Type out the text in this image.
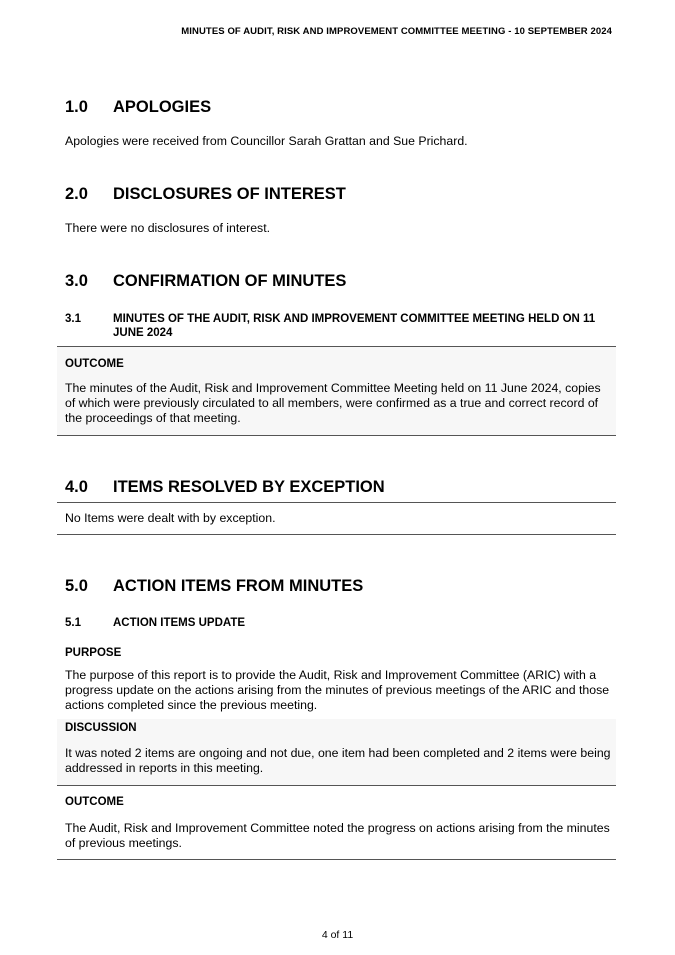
MINUTES OF AUDIT, RISK AND IMPROVEMENT COMMITTEE MEETING - 10 SEPTEMBER 2024
1.0 APOLOGIES
Apologies were received from Councillor Sarah Grattan and Sue Prichard.
2.0 DISCLOSURES OF INTEREST
There were no disclosures of interest.
3.0 CONFIRMATION OF MINUTES
3.1	MINUTES OF THE AUDIT, RISK AND IMPROVEMENT COMMITTEE MEETING HELD ON 11 JUNE 2024
OUTCOME
The minutes of the Audit, Risk and Improvement Committee Meeting held on 11 June 2024, copies of which were previously circulated to all members, were confirmed as a true and correct record of the proceedings of that meeting.
4.0 ITEMS RESOLVED BY EXCEPTION
No Items were dealt with by exception.
5.0 ACTION ITEMS FROM MINUTES
5.1	ACTION ITEMS UPDATE
PURPOSE
The purpose of this report is to provide the Audit, Risk and Improvement Committee (ARIC) with a progress update on the actions arising from the minutes of previous meetings of the ARIC and those actions completed since the previous meeting.
DISCUSSION
It was noted 2 items are ongoing and not due, one item had been completed and 2 items were being addressed in reports in this meeting.
OUTCOME
The Audit, Risk and Improvement Committee noted the progress on actions arising from the minutes of previous meetings.
4 of 11
